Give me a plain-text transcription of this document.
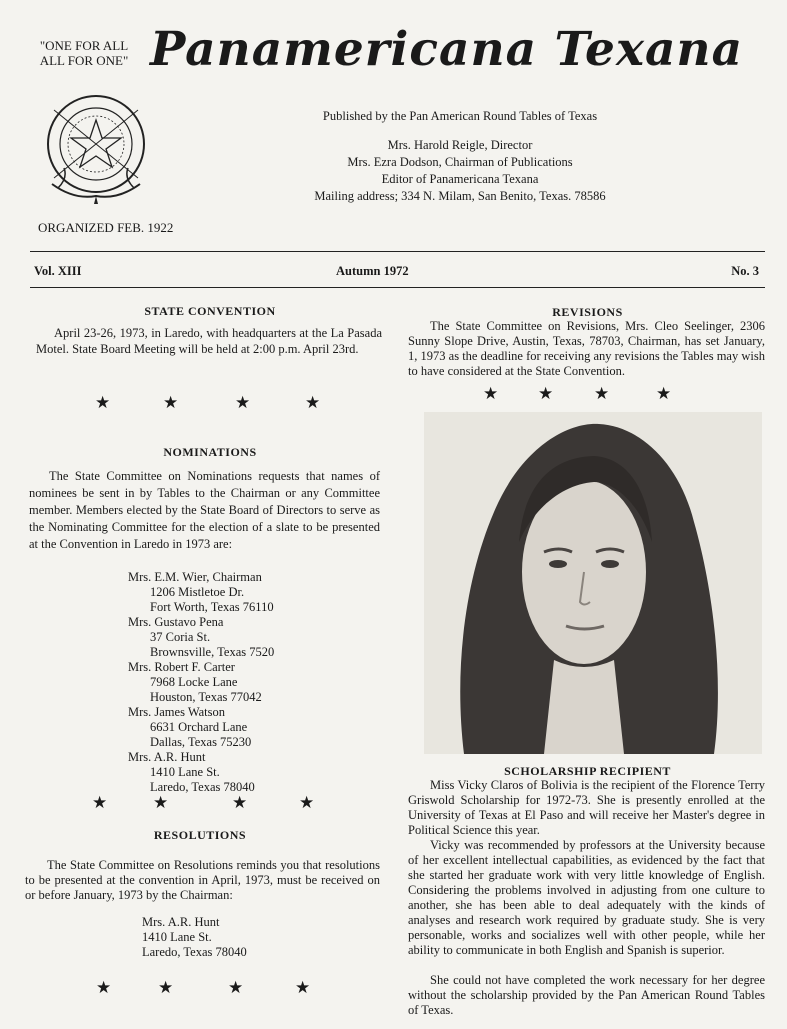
"ONE FOR ALL
ALL FOR ONE" Panamericana Texana
ORGANIZED FEB. 1922
Published by the Pan American Round Tables of Texas
Mrs. Harold Reigle, Director
Mrs. Ezra Dodson, Chairman of Publications
Editor of Panamericana Texana
Mailing address; 334 N. Milam, San Benito, Texas. 78586
Vol. XIII	Autumn 1972	No. 3
STATE CONVENTION
April 23-26, 1973, in Laredo, with headquarters at the La Pasada Motel. State Board Meeting will be held at 2:00 p.m. April 23rd.
★	★	★	★
NOMINATIONS
The State Committee on Nominations requests that names of nominees be sent in by Tables to the Chairman or any Committee member. Members elected by the State Board of Directors to serve as the Nominating Committee for the election of a slate to be presented at the Convention in Laredo in 1973 are:
Mrs. E.M. Wier, Chairman
1206 Mistletoe Dr.
Fort Worth, Texas 76110
Mrs. Gustavo Pena
37 Coria St.
Brownsville, Texas 7520
Mrs. Robert F. Carter
7968 Locke Lane
Houston, Texas 77042
Mrs. James Watson
6631 Orchard Lane
Dallas, Texas 75230
Mrs. A.R. Hunt
1410 Lane St.
Laredo, Texas 78040
★	★	★	★
RESOLUTIONS
The State Committee on Resolutions reminds you that resolutions to be presented at the convention in April, 1973, must be received on or before January, 1973 by the Chairman:
Mrs. A.R. Hunt
1410 Lane St.
Laredo, Texas 78040
★	★	★	★
REVISIONS
The State Committee on Revisions, Mrs. Cleo Seelinger, 2306 Sunny Slope Drive, Austin, Texas, 78703, Chairman, has set January, 1, 1973 as the deadline for receiving any revisions the Tables may wish to have considered at the State Convention.
★ ★ ★	★
SCHOLARSHIP RECIPIENT
Miss Vicky Claros of Bolivia is the recipient of the Florence Terry Griswold Scholarship for 1972-73. She is presently enrolled at the University of Texas at El Paso and will receive her Master's degree in Political Science this year.
Vicky was recommended by professors at the University because of her excellent intellectual capabilities, as evidenced by the fact that she started her graduate work with very little knowledge of English. Considering the problems involved in adjusting from one culture to another, she has been able to deal adequately with the kinds of analyses and research work required by graduate study. She is very personable, works and socializes well with other people, while her ability to communicate in both English and Spanish is superior.
She could not have completed the work necessary for her degree without the scholarship provided by the Pan American Round Tables of Texas.
